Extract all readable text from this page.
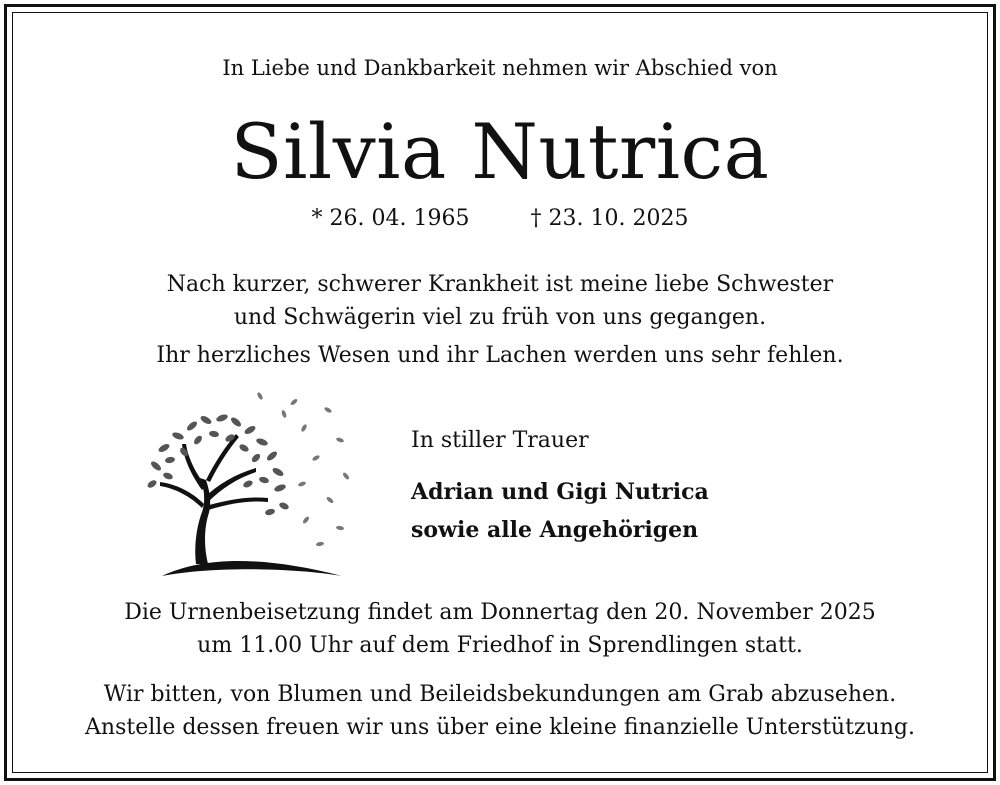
In Liebe und Dankbarkeit nehmen wir Abschied von
Silvia Nutrica
* 26. 04. 1965	† 23. 10. 2025
Nach kurzer, schwerer Krankheit ist meine liebe Schwester
und Schwägerin viel zu früh von uns gegangen.
Ihr herzliches Wesen und ihr Lachen werden uns sehr fehlen.
In stiller Trauer
Adrian und Gigi Nutrica
sowie alle Angehörigen
Die Urnenbeisetzung findet am Donnertag den 20. November 2025
um 11.00 Uhr auf dem Friedhof in Sprendlingen statt.
Wir bitten, von Blumen und Beileidsbekundungen am Grab abzusehen.
Anstelle dessen freuen wir uns über eine kleine finanzielle Unterstützung.
